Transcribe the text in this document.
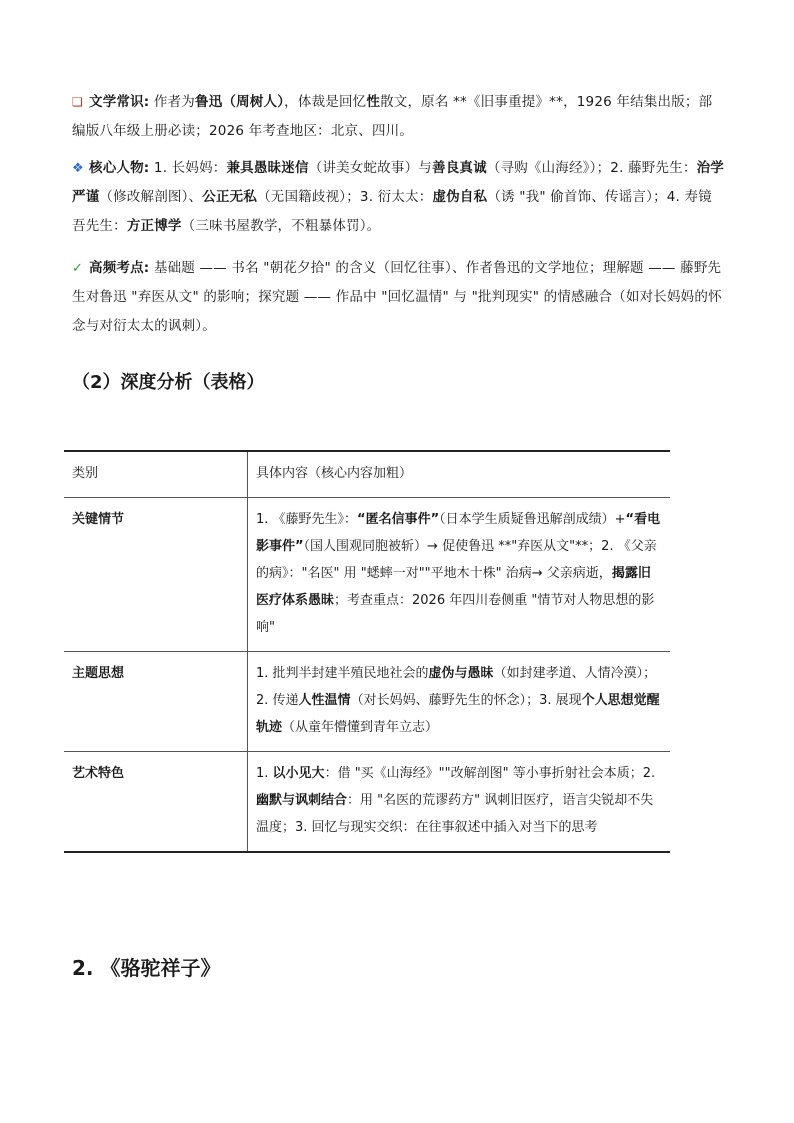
❏ 文学常识: 作者为鲁迅（周树人），体裁是回忆性散文，原名 **《旧事重提》**，1926 年结集出版；部编版八年级上册必读；2026 年考查地区：北京、四川。
❖ 核心人物: 1. 长妈妈：兼具愚昧迷信（讲美女蛇故事）与善良真诚（寻购《山海经》）；2. 藤野先生：治学严谨（修改解剖图）、公正无私（无国籍歧视）；3. 衍太太：虚伪自私（诱 "我" 偷首饰、传谣言）；4. 寿镜吾先生：方正博学（三味书屋教学，不粗暴体罚）。
✓ 高频考点: 基础题 —— 书名 "朝花夕拾" 的含义（回忆往事）、作者鲁迅的文学地位；理解题 —— 藤野先生对鲁迅 "弃医从文" 的影响；探究题 —— 作品中 "回忆温情" 与 "批判现实" 的情感融合（如对长妈妈的怀念与对衍太太的讽刺）。
（2）深度分析（表格）
类别	具体内容（核心内容加粗）
关键情节	1. 《藤野先生》：“匿名信事件”（日本学生质疑鲁迅解剖成绩）+“看电影事件”（国人围观同胞被斩）→ 促使鲁迅 **"弃医从文"**；2. 《父亲的病》："名医" 用 "蟋蟀一对""平地木十株" 治病→ 父亲病逝，揭露旧医疗体系愚昧；考查重点：2026 年四川卷侧重 "情节对人物思想的影响"
主题思想	1. 批判半封建半殖民地社会的虚伪与愚昧（如封建孝道、人情冷漠）；2. 传递人性温情（对长妈妈、藤野先生的怀念）；3. 展现个人思想觉醒轨迹（从童年懵懂到青年立志）
艺术特色	1. 以小见大：借 "买《山海经》""改解剖图" 等小事折射社会本质；2. 幽默与讽刺结合：用 "名医的荒谬药方" 讽刺旧医疗，语言尖锐却不失温度；3. 回忆与现实交织：在往事叙述中插入对当下的思考
2. 《骆驼祥子》
